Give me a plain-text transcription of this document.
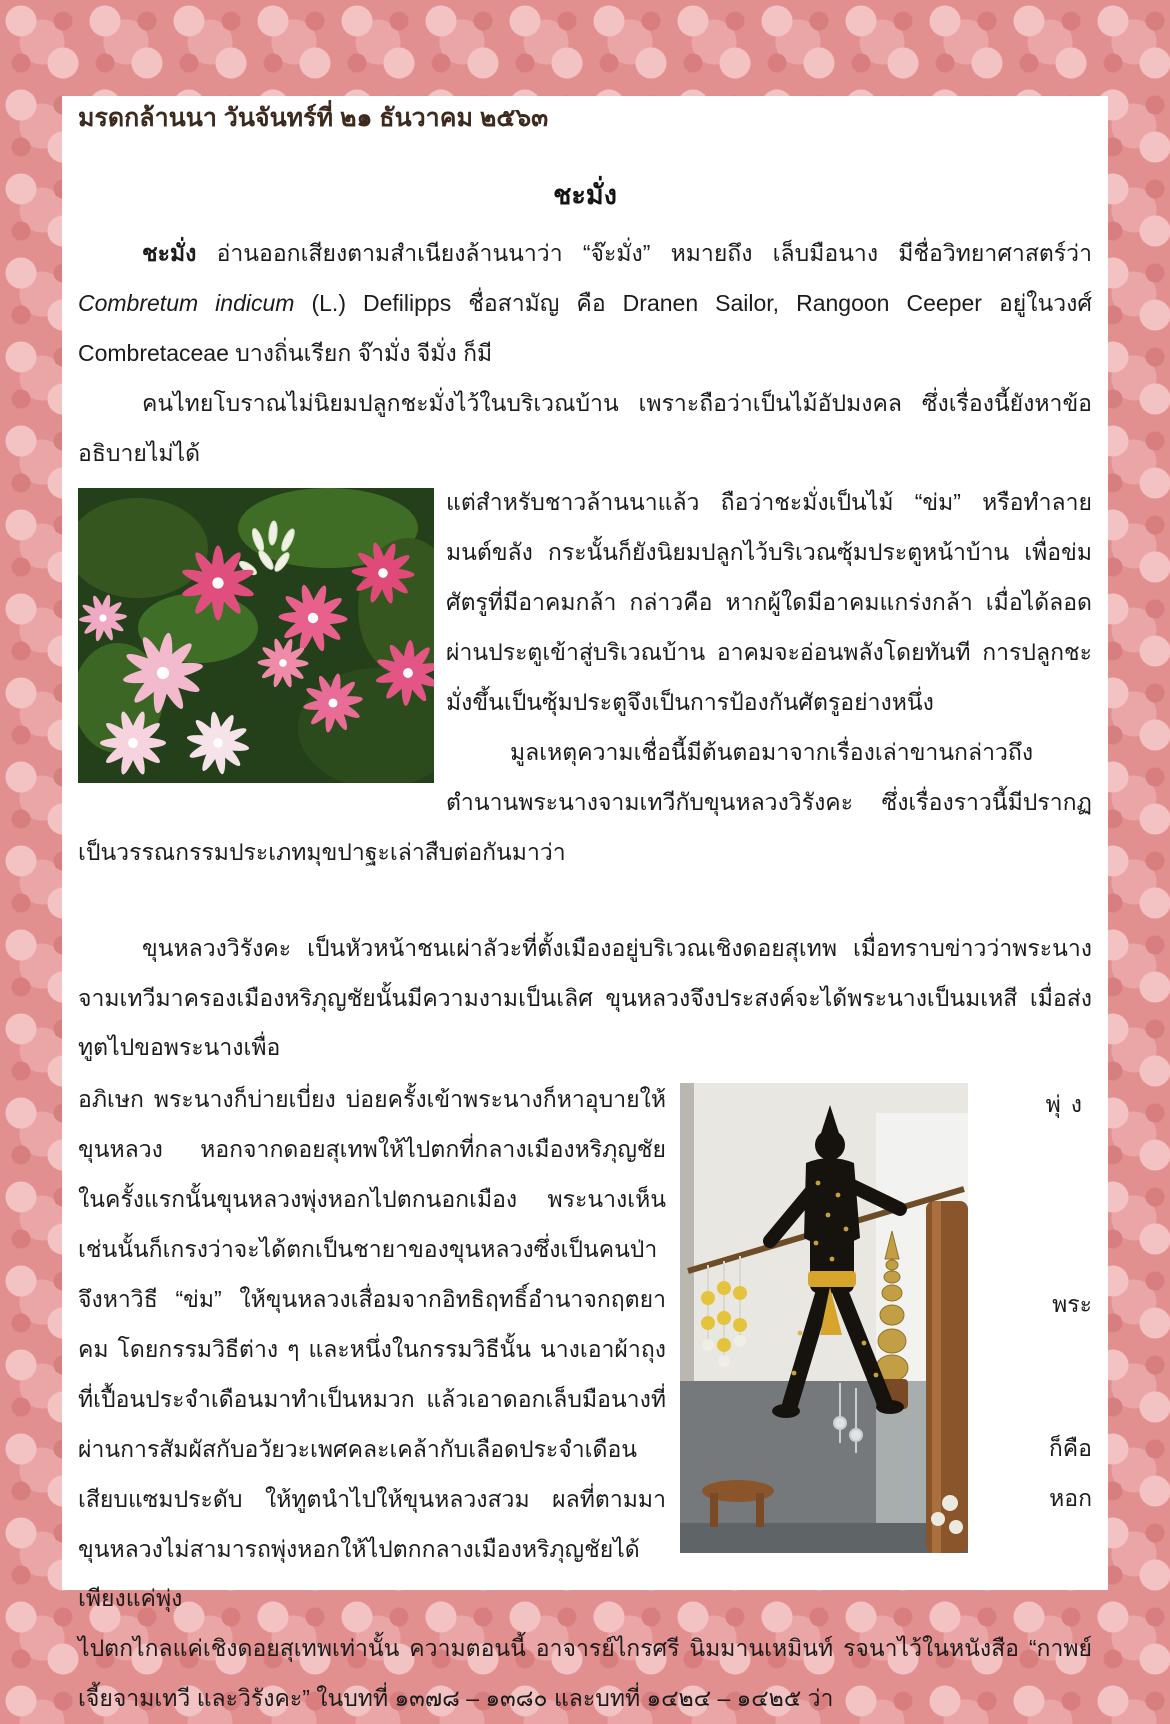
มรดกล้านนา วันจันทร์ที่ ๒๑ ธันวาคม ๒๕๖๓

ชะมั่ง

ชะมั่ง อ่านออกเสียงตามสำเนียงล้านนาว่า “จ๊ะมั่ง” หมายถึง เล็บมือนาง มีชื่อวิทยาศาสตร์ว่า Combretum indicum (L.) Defilipps ชื่อสามัญ คือ Dranen Sailor, Rangoon Ceeper อยู่ในวงศ์ Combretaceae บางถิ่นเรียก จ๊ามั่ง จีมั่ง ก็มี

คนไทยโบราณไม่นิยมปลูกชะมั่งไว้ในบริเวณบ้าน เพราะถือว่าเป็นไม้อัปมงคล ซึ่งเรื่องนี้ยังหาข้ออธิบายไม่ได้

แต่สำหรับชาวล้านนาแล้ว ถือว่าชะมั่งเป็นไม้ “ข่ม” หรือทำลายมนต์ขลัง กระนั้นก็ยังนิยมปลูกไว้บริเวณซุ้มประตูหน้าบ้าน เพื่อข่มศัตรูที่มีอาคมกล้า กล่าวคือ หากผู้ใดมีอาคมแกร่งกล้า เมื่อได้ลอดผ่านประตูเข้าสู่บริเวณบ้าน อาคมจะอ่อนพลังโดยทันที การปลูกชะมั่งขึ้นเป็นซุ้มประตูจึงเป็นการป้องกันศัตรูอย่างหนึ่ง

มูลเหตุความเชื่อนี้มีต้นตอมาจากเรื่องเล่าขานกล่าวถึงตำนานพระนางจามเทวีกับขุนหลวงวิรังคะ ซึ่งเรื่องราวนี้มีปรากฏเป็นวรรณกรรมประเภทมุขปาฐะเล่าสืบต่อกันมาว่า

ขุนหลวงวิรังคะ เป็นหัวหน้าชนเผ่าลัวะที่ตั้งเมืองอยู่บริเวณเชิงดอยสุเทพ เมื่อทราบข่าวว่าพระนางจามเทวีมาครองเมืองหริภุญชัยนั้นมีความงามเป็นเลิศ ขุนหลวงจึงประสงค์จะได้พระนางเป็นมเหสี เมื่อส่งทูตไปขอพระนางเพื่อ

พุ่ง
พระ
ก็คือ
หอก

อภิเษก พระนางก็บ่ายเบี่ยง บ่อยครั้งเข้าพระนางก็หาอุบายให้ขุนหลวง หอกจากดอยสุเทพให้ไปตกที่กลางเมืองหริภุญชัย ในครั้งแรกนั้นขุนหลวงพุ่งหอกไปตกนอกเมือง พระนางเห็นเช่นนั้นก็เกรงว่าจะได้ตกเป็นชายาของขุนหลวงซึ่งเป็นคนป่า จึงหาวิธี “ข่ม” ให้ขุนหลวงเสื่อมจากอิทธิฤทธิ์อำนาจกฤตยาคม โดยกรรมวิธีต่าง ๆ และหนึ่งในกรรมวิธีนั้น นางเอาผ้าถุงที่เปื้อนประจำเดือนมาทำเป็นหมวก แล้วเอาดอกเล็บมือนางที่ผ่านการสัมผัสกับอวัยวะเพศคละเคล้ากับเลือดประจำเดือนเสียบแซมประดับ ให้ทูตนำไปให้ขุนหลวงสวม ผลที่ตามมา ขุนหลวงไม่สามารถพุ่งหอกให้ไปตกกลางเมืองหริภุญชัยได้ เพียงแค่พุ่ง

ไปตกไกลแค่เชิงดอยสุเทพเท่านั้น ความตอนนี้ อาจารย์ไกรศรี นิมมานเหมินท์ รจนาไว้ในหนังสือ “กาพย์เจี้ยจามเทวี และวิรังคะ” ในบทที่ ๑๓๗๘ – ๑๓๘๐ และบทที่ ๑๔๒๔ – ๑๔๒๕ ว่า
